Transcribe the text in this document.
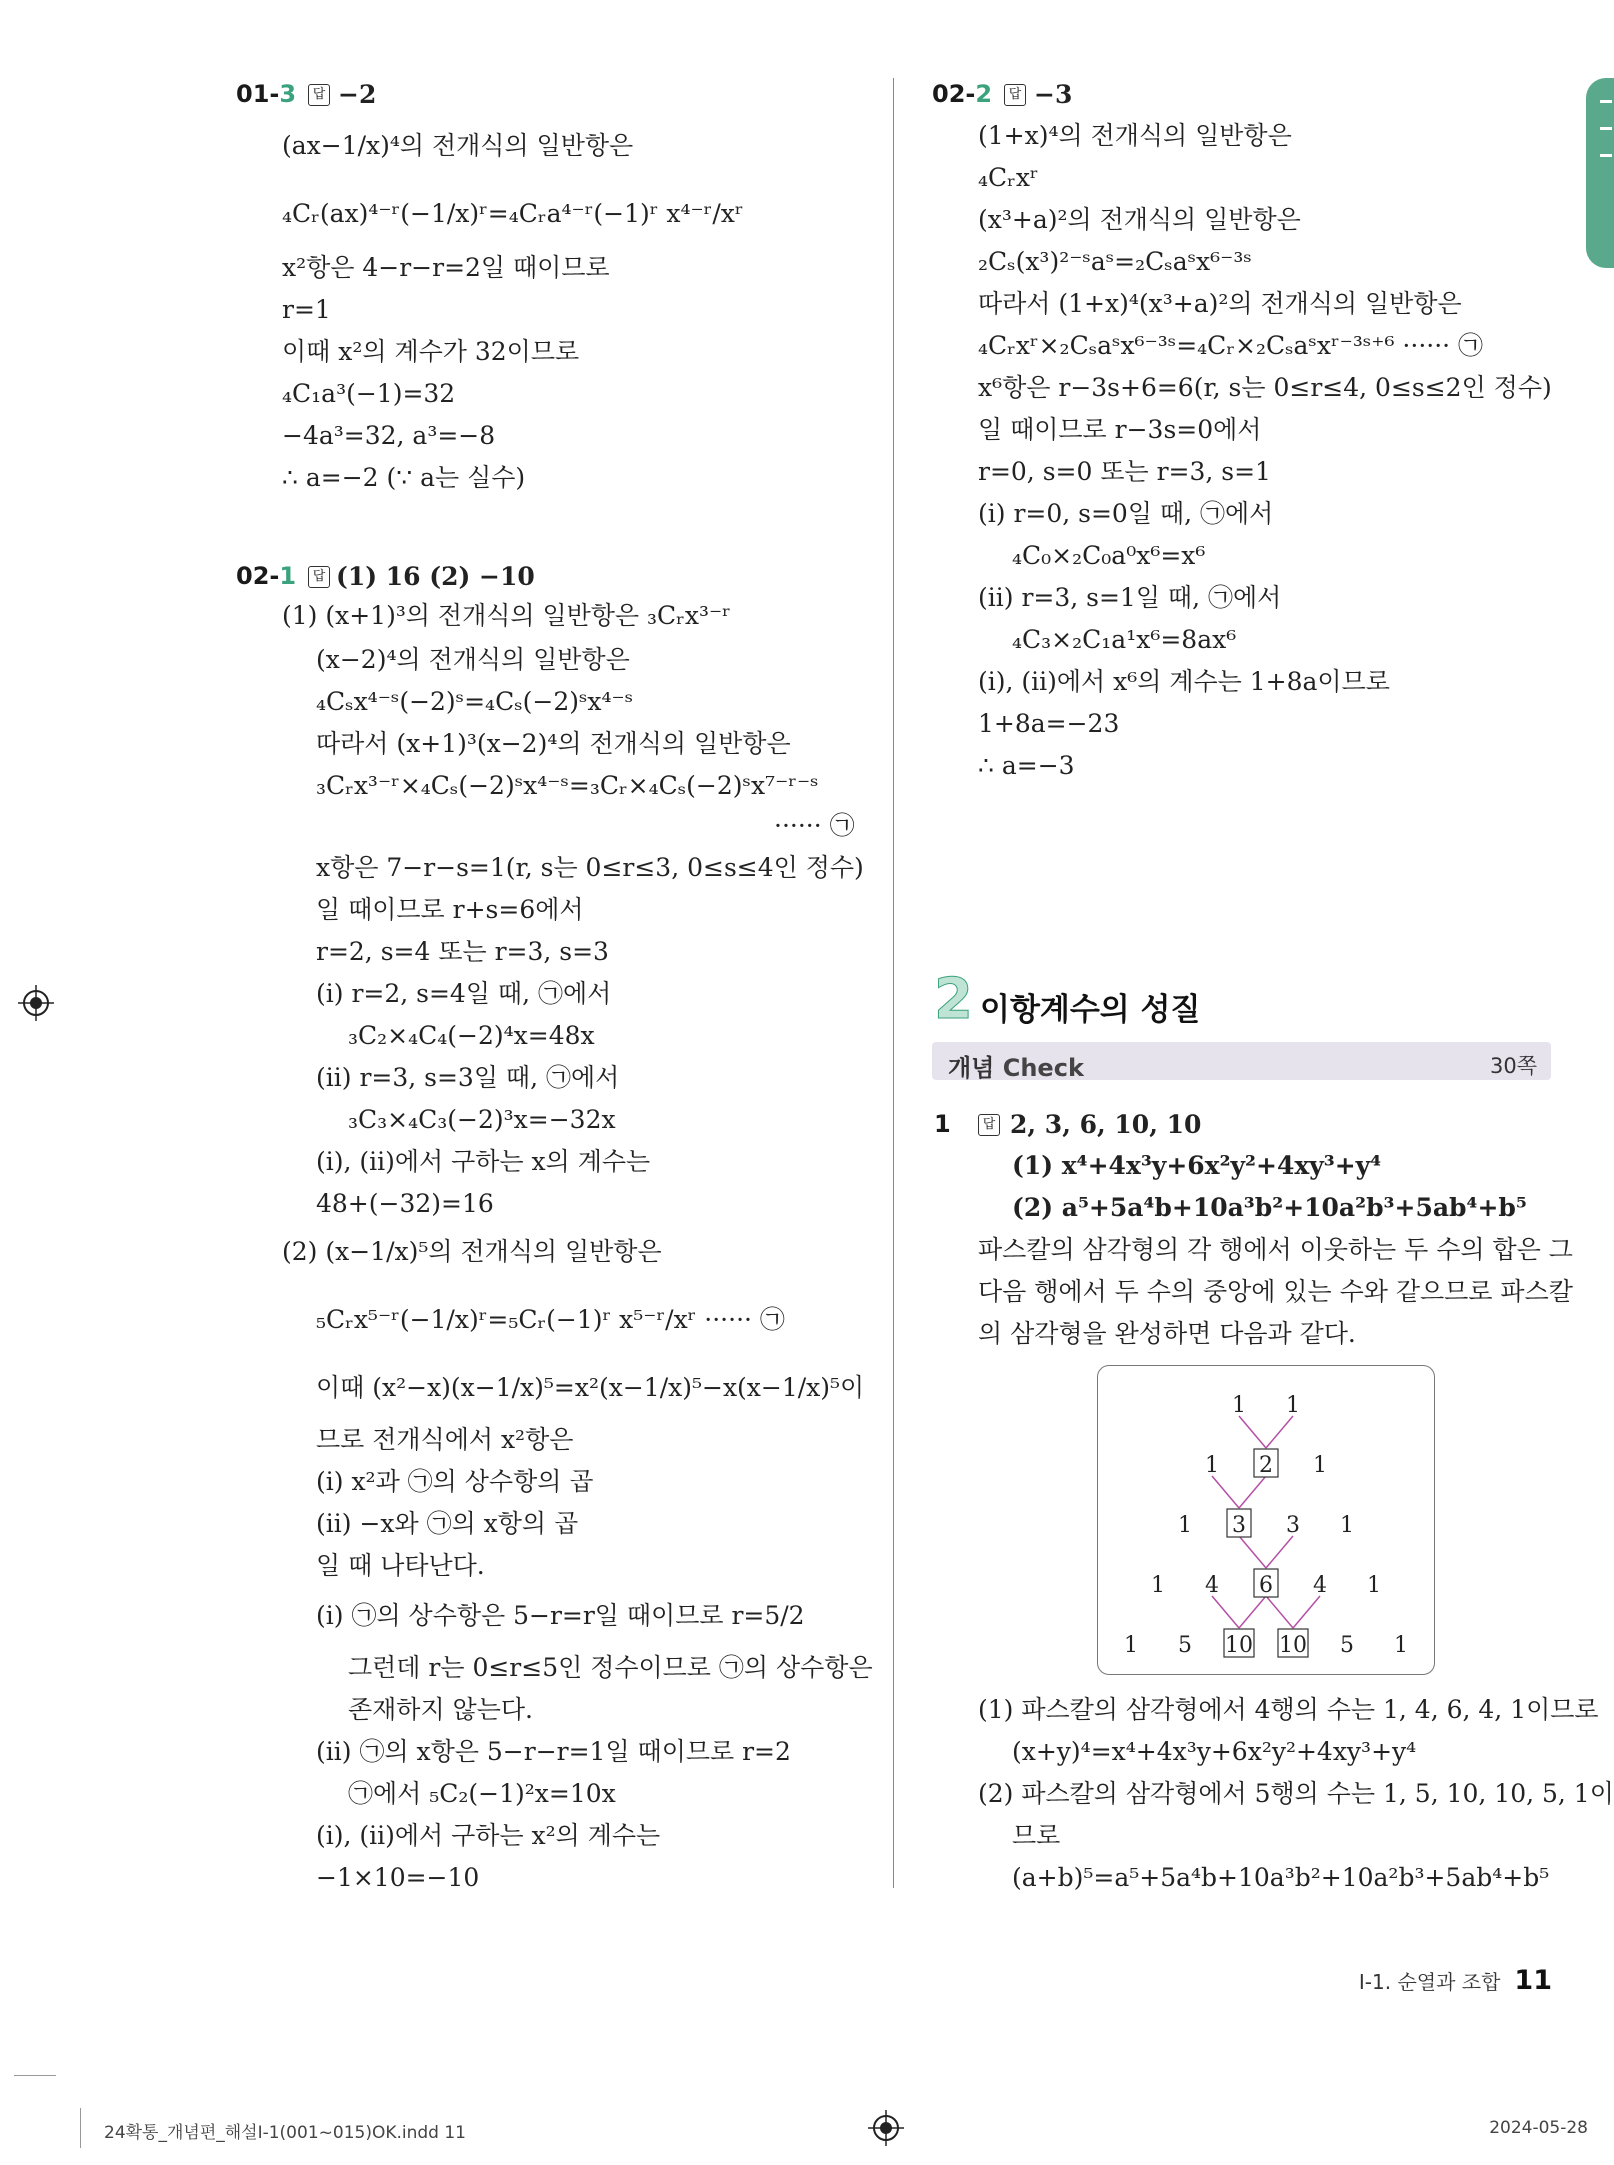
01-3	답 −2
(ax−1/x)⁴의 전개식의 일반항은
₄Cᵣ(ax)⁴⁻ʳ(−1/x)ʳ=₄Cᵣa⁴⁻ʳ(−1)ʳ x⁴⁻ʳ/xʳ
x²항은 4−r−r=2일 때이므로
r=1
이때 x²의 계수가 32이므로
₄C₁a³(−1)=32
−4a³=32, a³=−8
∴ a=−2 (∵ a는 실수)
02-1	답 (1) 16 (2) −10
(1) (x+1)³의 전개식의 일반항은 ₃Cᵣx³⁻ʳ
(x−2)⁴의 전개식의 일반항은
₄Cₛx⁴⁻ˢ(−2)ˢ=₄Cₛ(−2)ˢx⁴⁻ˢ
따라서 (x+1)³(x−2)⁴의 전개식의 일반항은
₃Cᵣx³⁻ʳ×₄Cₛ(−2)ˢx⁴⁻ˢ=₃Cᵣ×₄Cₛ(−2)ˢx⁷⁻ʳ⁻ˢ
······ ㉠
x항은 7−r−s=1(r, s는 0≤r≤3, 0≤s≤4인 정수)
일 때이므로 r+s=6에서
r=2, s=4 또는 r=3, s=3
(ⅰ) r=2, s=4일 때, ㉠에서
₃C₂×₄C₄(−2)⁴x=48x
(ⅱ) r=3, s=3일 때, ㉠에서
₃C₃×₄C₃(−2)³x=−32x
(ⅰ), (ⅱ)에서 구하는 x의 계수는
48+(−32)=16
(2) (x−1/x)⁵의 전개식의 일반항은
₅Cᵣx⁵⁻ʳ(−1/x)ʳ=₅Cᵣ(−1)ʳ x⁵⁻ʳ/xʳ ······ ㉠
이때 (x²−x)(x−1/x)⁵=x²(x−1/x)⁵−x(x−1/x)⁵이
므로 전개식에서 x²항은
(ⅰ) x²과 ㉠의 상수항의 곱
(ⅱ) −x와 ㉠의 x항의 곱
일 때 나타난다.
(ⅰ) ㉠의 상수항은 5−r=r일 때이므로 r=5/2
그런데 r는 0≤r≤5인 정수이므로 ㉠의 상수항은
존재하지 않는다.
(ⅱ) ㉠의 x항은 5−r−r=1일 때이므로 r=2
㉠에서 ₅C₂(−1)²x=10x
(ⅰ), (ⅱ)에서 구하는 x²의 계수는
−1×10=−10
02-2	답 −3
(1+x)⁴의 전개식의 일반항은
₄Cᵣxʳ
(x³+a)²의 전개식의 일반항은
₂Cₛ(x³)²⁻ˢaˢ=₂Cₛaˢx⁶⁻³ˢ
따라서 (1+x)⁴(x³+a)²의 전개식의 일반항은
₄Cᵣxʳ×₂Cₛaˢx⁶⁻³ˢ=₄Cᵣ×₂Cₛaˢxʳ⁻³ˢ⁺⁶ ······ ㉠
x⁶항은 r−3s+6=6(r, s는 0≤r≤4, 0≤s≤2인 정수)
일 때이므로 r−3s=0에서
r=0, s=0 또는 r=3, s=1
(ⅰ) r=0, s=0일 때, ㉠에서
₄C₀×₂C₀a⁰x⁶=x⁶
(ⅱ) r=3, s=1일 때, ㉠에서
₄C₃×₂C₁a¹x⁶=8ax⁶
(ⅰ), (ⅱ)에서 x⁶의 계수는 1+8a이므로
1+8a=−23
∴ a=−3
2 이항계수의 성질
개념 Check	30쪽
1	답 2, 3, 6, 10, 10
(1) x⁴+4x³y+6x²y²+4xy³+y⁴
(2) a⁵+5a⁴b+10a³b²+10a²b³+5ab⁴+b⁵
파스칼의 삼각형의 각 행에서 이웃하는 두 수의 합은 그
다음 행에서 두 수의 중앙에 있는 수와 같으므로 파스칼
의 삼각형을 완성하면 다음과 같다.
1 1
1 2 1
1 3 3 1
1 4 6 4 1
1 5 10 10 5 1
(1) 파스칼의 삼각형에서 4행의 수는 1, 4, 6, 4, 1이므로
(x+y)⁴=x⁴+4x³y+6x²y²+4xy³+y⁴
(2) 파스칼의 삼각형에서 5행의 수는 1, 5, 10, 10, 5, 1이
므로
(a+b)⁵=a⁵+5a⁴b+10a³b²+10a²b³+5ab⁴+b⁵
Ⅰ-1. 순열과 조합 11
24확통_개념편_해설Ⅰ-1(001~015)OK.indd 11	2024-05-28
